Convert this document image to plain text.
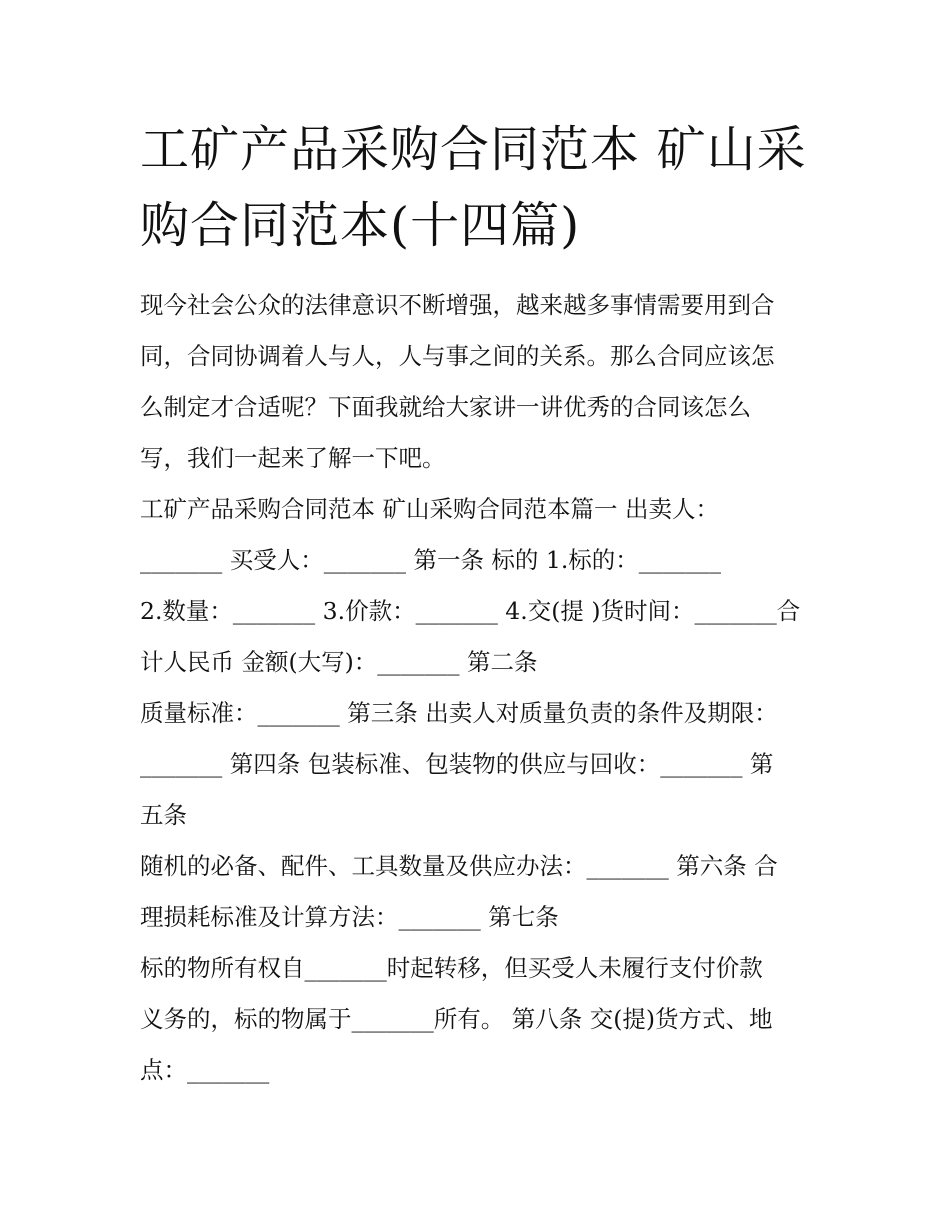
工矿产品采购合同范本 矿山采
购合同范本(十四篇)

现今社会公众的法律意识不断增强，越来越多事情需要用到合

同，合同协调着人与人，人与事之间的关系。那么合同应该怎

么制定才合适呢？下面我就给大家讲一讲优秀的合同该怎么

写，我们一起来了解一下吧。

工矿产品采购合同范本 矿山采购合同范本篇一 出卖人：

_______ 买受人：_______ 第一条 标的 1.标的：_______

2.数量：_______ 3.价款：_______ 4.交(提 )货时间：_______合

计人民币 金额(大写)：_______ 第二条

质量标准：_______ 第三条 出卖人对质量负责的条件及期限：

_______ 第四条 包装标准、包装物的供应与回收：_______ 第

五条

随机的必备、配件、工具数量及供应办法：_______ 第六条 合

理损耗标准及计算方法：_______ 第七条

标的物所有权自_______时起转移，但买受人未履行支付价款

义务的，标的物属于_______所有。 第八条 交(提)货方式、地

点：_______
